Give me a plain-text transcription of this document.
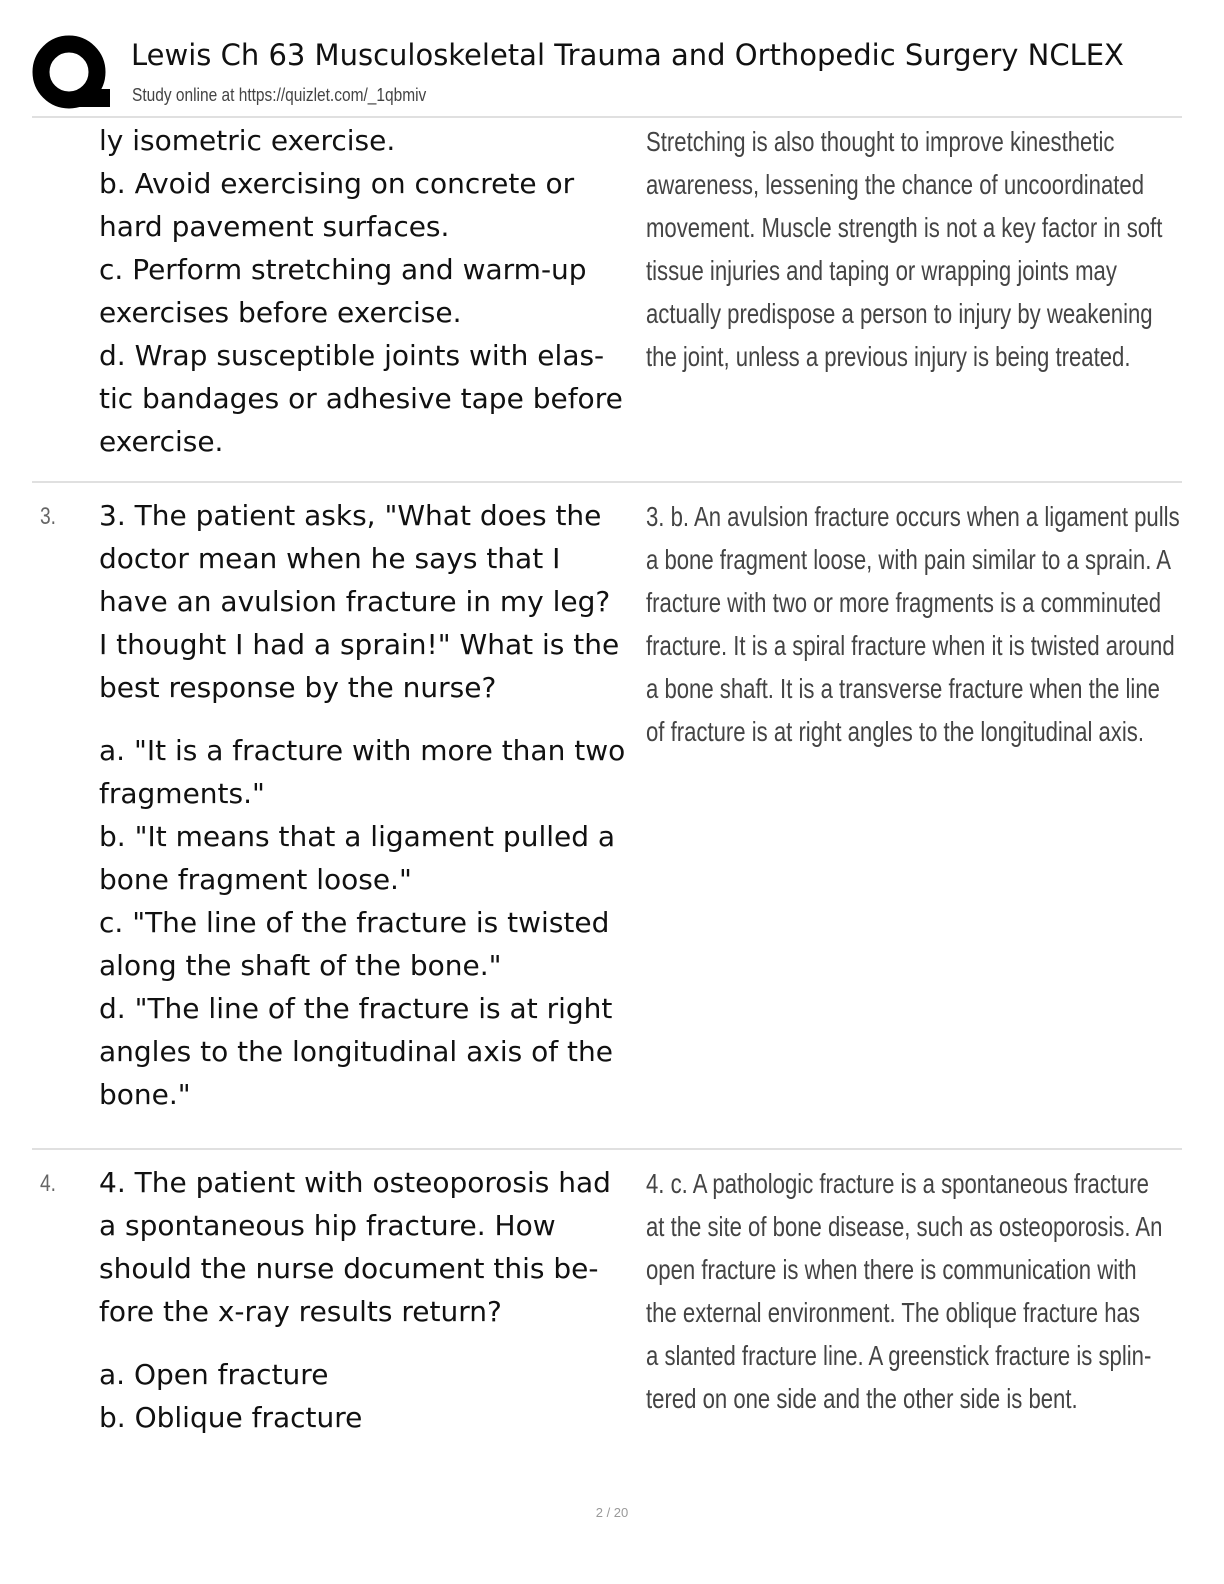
Lewis Ch 63 Musculoskeletal Trauma and Orthopedic Surgery NCLEX
Study online at https://quizlet.com/_1qbmiv
ly isometric exercise.
b. Avoid exercising on concrete or
hard pavement surfaces.
c. Perform stretching and warm-up
exercises before exercise.
d. Wrap susceptible joints with elas-
tic bandages or adhesive tape before
exercise.
Stretching is also thought to improve kinesthetic
awareness, lessening the chance of uncoordinated
movement. Muscle strength is not a key factor in soft
tissue injuries and taping or wrapping joints may
actually predispose a person to injury by weakening
the joint, unless a previous injury is being treated.
3. 3. The patient asks, "What does the
doctor mean when he says that I
have an avulsion fracture in my leg?
I thought I had a sprain!" What is the
best response by the nurse?
a. "It is a fracture with more than two
fragments."
b. "It means that a ligament pulled a
bone fragment loose."
c. "The line of the fracture is twisted
along the shaft of the bone."
d. "The line of the fracture is at right
angles to the longitudinal axis of the
bone."
3. b. An avulsion fracture occurs when a ligament pulls
a bone fragment loose, with pain similar to a sprain. A
fracture with two or more fragments is a comminuted
fracture. It is a spiral fracture when it is twisted around
a bone shaft. It is a transverse fracture when the line
of fracture is at right angles to the longitudinal axis.
4. 4. The patient with osteoporosis had
a spontaneous hip fracture. How
should the nurse document this be-
fore the x-ray results return?
a. Open fracture
b. Oblique fracture
4. c. A pathologic fracture is a spontaneous fracture
at the site of bone disease, such as osteoporosis. An
open fracture is when there is communication with
the external environment. The oblique fracture has
a slanted fracture line. A greenstick fracture is splin-
tered on one side and the other side is bent.
2 / 20
